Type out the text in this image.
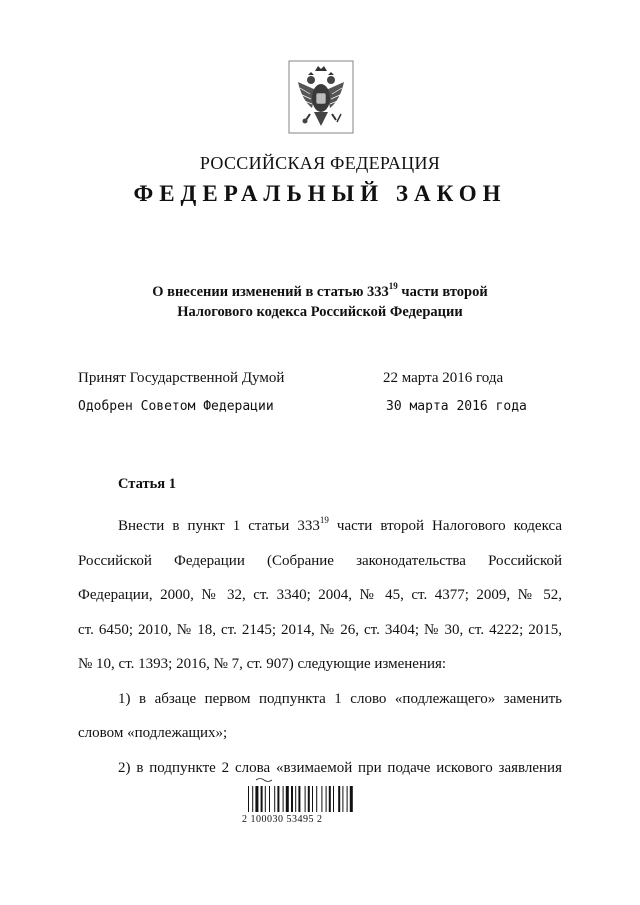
РОССИЙСКАЯ ФЕДЕРАЦИЯ
ФЕДЕРАЛЬНЫЙ ЗАКОН
О внесении изменений в статью $333^{19}$ части второй
Налогового кодекса Российской Федерации
Принят Государственной Думой	22 марта 2016 года
Одобрен Советом Федерации	30 марта 2016 года
Статья 1
Внести в пункт 1 статьи $333^{19}$ части второй Налогового кодекса
Российской Федерации (Собрание законодательства Российской
Федерации, 2000, № 32, ст. 3340; 2004, № 45, ст. 4377; 2009, № 52,
ст. 6450; 2010, № 18, ст. 2145; 2014, № 26, ст. 3404; № 30, ст. 4222; 2015,
№ 10, ст. 1393; 2016, № 7, ст. 907) следующие изменения:
1) в абзаце первом подпункта 1 слово «подлежащего» заменить
словом «подлежащих»;
2) в подпункте 2 слова «взимаемой при подаче искового заявления
2 100030 53495 2
